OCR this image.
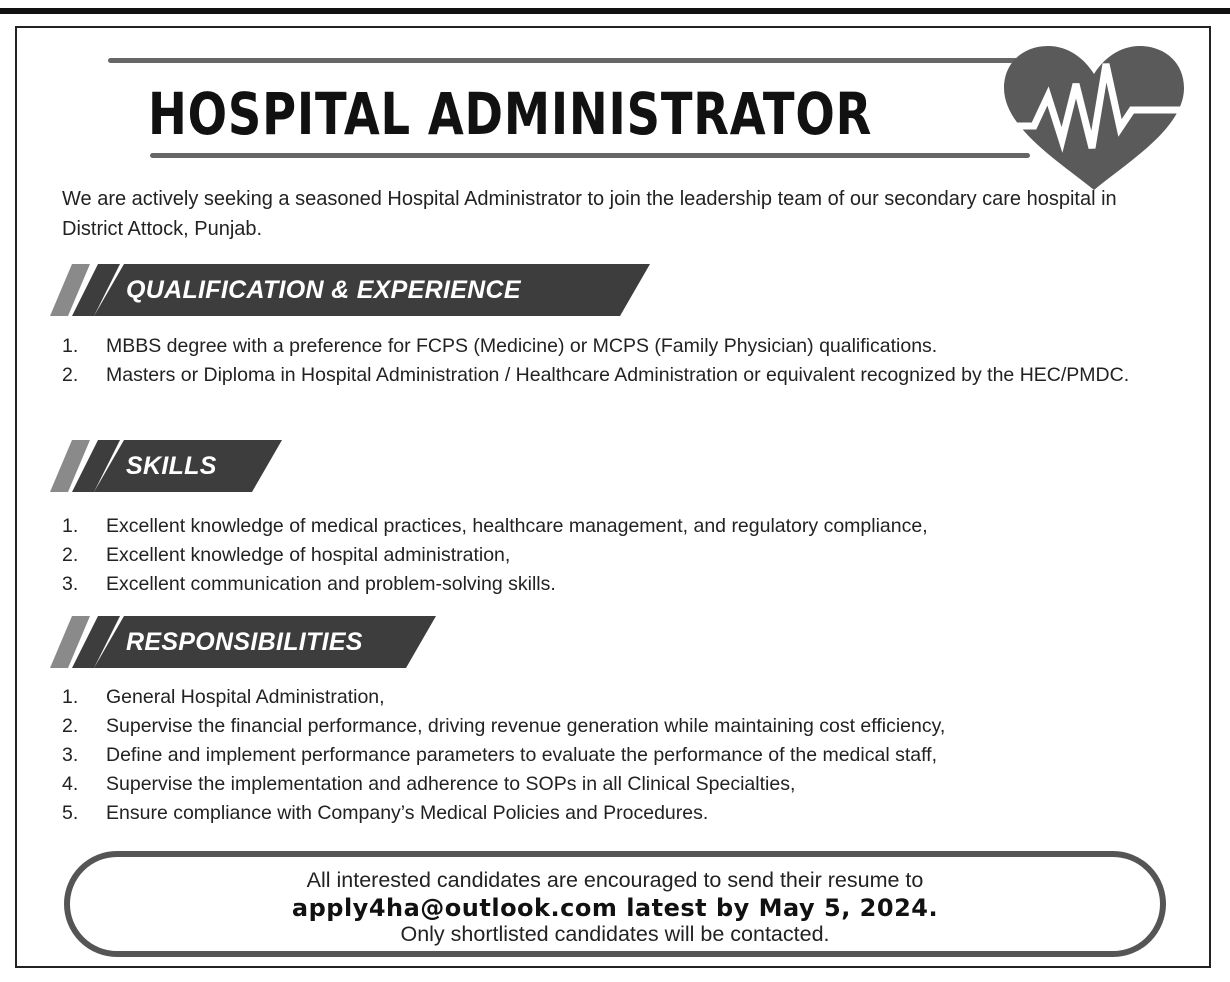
HOSPITAL ADMINISTRATOR

We are actively seeking a seasoned Hospital Administrator to join the leadership team of our secondary care hospital in District Attock, Punjab.

QUALIFICATION & EXPERIENCE
1. MBBS degree with a preference for FCPS (Medicine) or MCPS (Family Physician) qualifications.
2. Masters or Diploma in Hospital Administration / Healthcare Administration or equivalent recognized by the HEC/PMDC.
SKILLS
1. Excellent knowledge of medical practices, healthcare management, and regulatory compliance,
2. Excellent knowledge of hospital administration,
3. Excellent communication and problem-solving skills.
RESPONSIBILITIES
1. General Hospital Administration,
2. Supervise the financial performance, driving revenue generation while maintaining cost efficiency,
3. Define and implement performance parameters to evaluate the performance of the medical staff,
4. Supervise the implementation and adherence to SOPs in all Clinical Specialties,
5. Ensure compliance with Company’s Medical Policies and Procedures.
All interested candidates are encouraged to send their resume to
apply4ha@outlook.com latest by May 5, 2024.
Only shortlisted candidates will be contacted.
